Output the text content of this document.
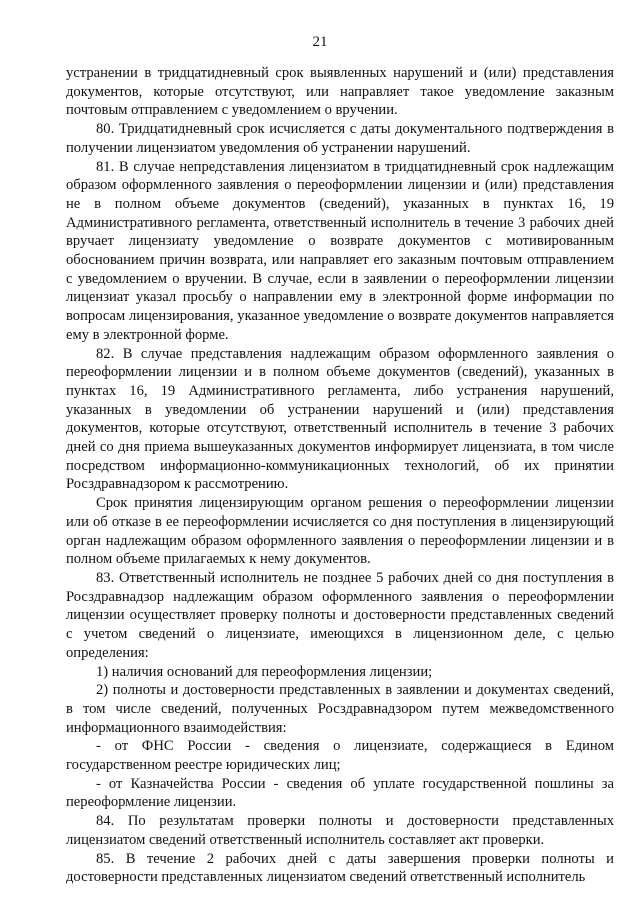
21

устранении в тридцатидневный срок выявленных нарушений и (или) представления документов, которые отсутствуют, или направляет такое уведомление заказным почтовым отправлением с уведомлением о вручении.

80. Тридцатидневный срок исчисляется с даты документального подтверждения в получении лицензиатом уведомления об устранении нарушений.

81. В случае непредставления лицензиатом в тридцатидневный срок надлежащим образом оформленного заявления о переоформлении лицензии и (или) представления не в полном объеме документов (сведений), указанных в пунктах 16, 19 Административного регламента, ответственный исполнитель в течение 3 рабочих дней вручает лицензиату уведомление о возврате документов с мотивированным обоснованием причин возврата, или направляет его заказным почтовым отправлением с уведомлением о вручении. В случае, если в заявлении о переоформлении лицензии лицензиат указал просьбу о направлении ему в электронной форме информации по вопросам лицензирования, указанное уведомление о возврате документов направляется ему в электронной форме.

82. В случае представления надлежащим образом оформленного заявления о переоформлении лицензии и в полном объеме документов (сведений), указанных в пунктах 16, 19 Административного регламента, либо устранения нарушений, указанных в уведомлении об устранении нарушений и (или) представления документов, которые отсутствуют, ответственный исполнитель в течение 3 рабочих дней со дня приема вышеуказанных документов информирует лицензиата, в том числе посредством информационно-коммуникационных технологий, об их принятии Росздравнадзором к рассмотрению.

Срок принятия лицензирующим органом решения о переоформлении лицензии или об отказе в ее переоформлении исчисляется со дня поступления в лицензирующий орган надлежащим образом оформленного заявления о переоформлении лицензии и в полном объеме прилагаемых к нему документов.

83. Ответственный исполнитель не позднее 5 рабочих дней со дня поступления в Росздравнадзор надлежащим образом оформленного заявления о переоформлении лицензии осуществляет проверку полноты и достоверности представленных сведений с учетом сведений о лицензиате, имеющихся в лицензионном деле, с целью определения:

1) наличия оснований для переоформления лицензии;

2) полноты и достоверности представленных в заявлении и документах сведений, в том числе сведений, полученных Росздравнадзором путем межведомственного информационного взаимодействия:

- от ФНС России - сведения о лицензиате, содержащиеся в Едином государственном реестре юридических лиц;

- от Казначейства России - сведения об уплате государственной пошлины за переоформление лицензии.

84. По результатам проверки полноты и достоверности представленных лицензиатом сведений ответственный исполнитель составляет акт проверки.

85. В течение 2 рабочих дней с даты завершения проверки полноты и достоверности представленных лицензиатом сведений ответственный исполнитель
